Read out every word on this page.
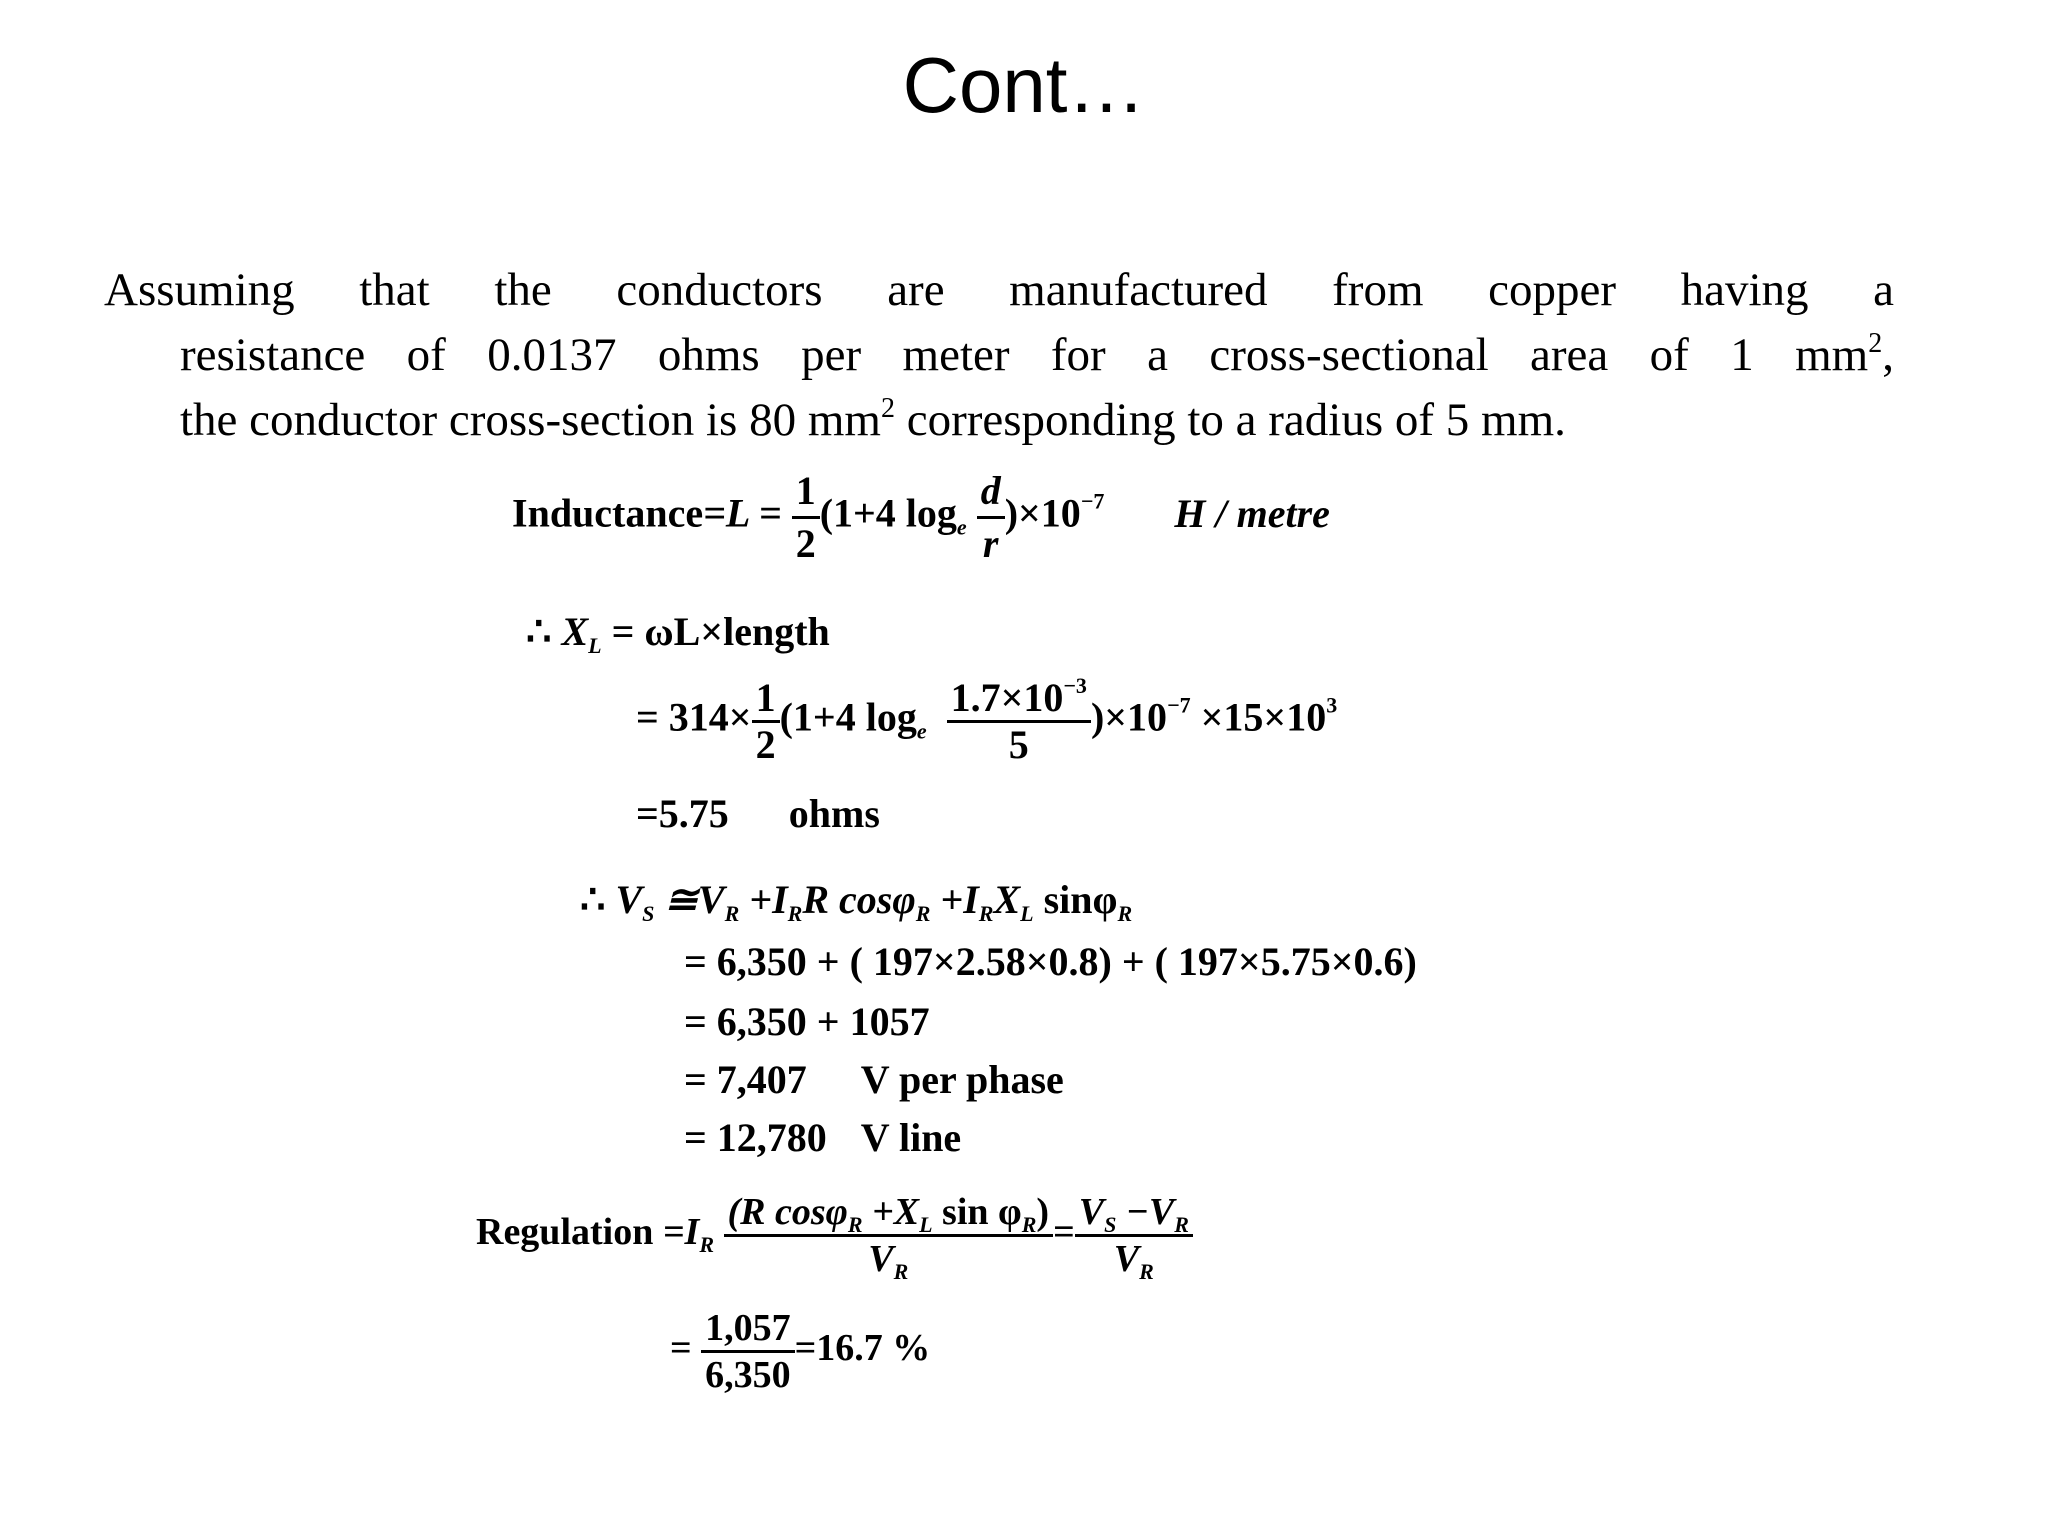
Cont…
Assuming that the conductors are manufactured from copper having a
resistance of 0.0137 ohms per meter for a cross-sectional area of 1 $mm^2$,
the conductor cross-section is 80 $mm^2$ corresponding to a radius of 5 mm.
Inductance=L = $\frac{1}{2} (1+4$ $\log_e \frac{d}{r} )\times 10^{-7}$ H / metre
∴ $X_L$ = ωL×length
= $314\times \frac{1}{2} (1+4$ $\log_e \frac{1.7\times 10^{-3}}{5} )\times 10^{-7} \times 15\times 10^3$
=5.75 ohms
∴ $V_S$ $≅V_R +I_RR$ $\cos\varphi_R +I_RX_L$ sinφ$_R$
= 6,350 + ( 197×2.58×0.8) + ( 197×5.75×0.6)
= 6,350 + 1057
= 7,407 V per phase
= 12,780 V line
Regulation $=I_R \frac{(R \cos\varphi_R +X_L \sin \varphi_R)}{V_R} = \frac{V_S -V_R}{V_R}$
= $\frac{1,057}{6,350} =16.7$ %
